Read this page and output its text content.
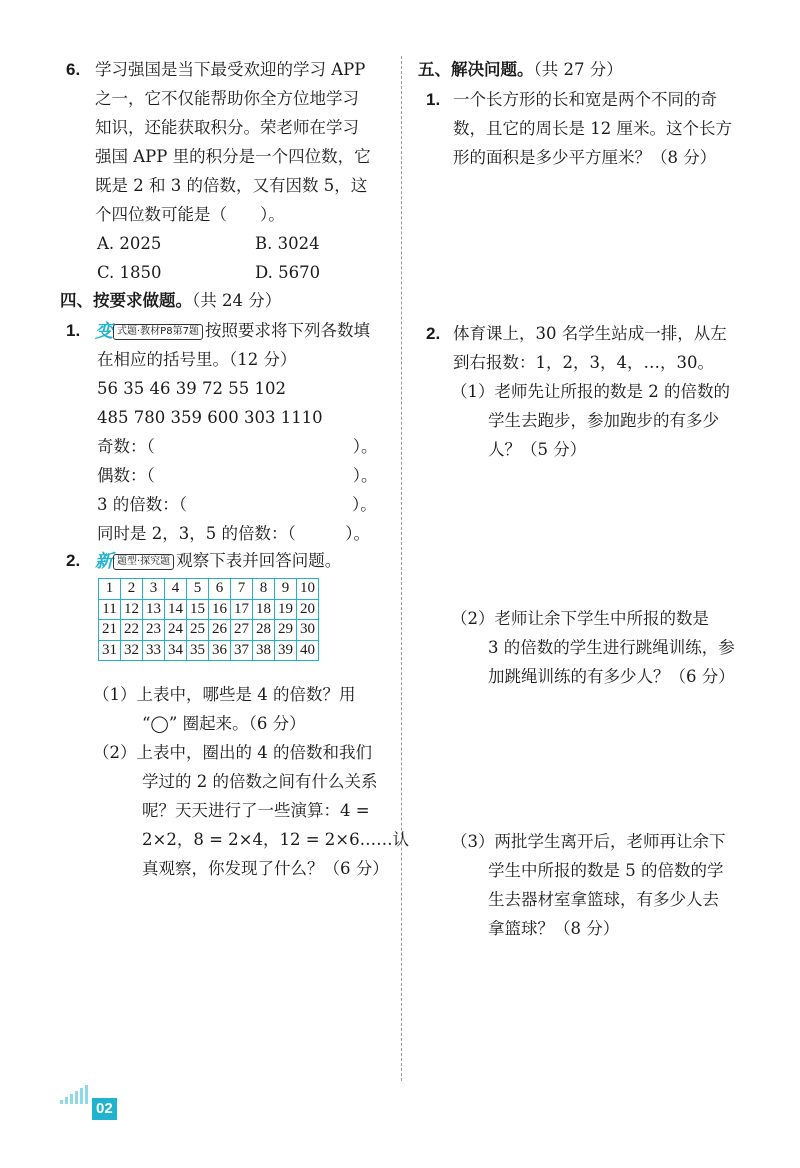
6. 学习强国是当下最受欢迎的学习 APP
之一，它不仅能帮助你全方位地学习
知识，还能获取积分。荣老师在学习
强国 APP 里的积分是一个四位数，它
既是 2 和 3 的倍数，又有因数 5，这
个四位数可能是（　　）。
A. 2025	B. 3024
C. 1850	D. 5670
四、按要求做题。（共 24 分）
1. 变 式题·教材P8第7题 按照要求将下列各数填
在相应的括号里。（12 分）
56 35 46 39 72 55 102
485 780 359 600 303 1110
奇数：（　　　　　　　　　　　　）。
偶数：（　　　　　　　　　　　　）。
3 的倍数：（　　　　　　　　　　）。
同时是 2，3，5 的倍数：（　　　）。
2. 新 题型·探究题 观察下表并回答问题。
1	2	3	4	5	6	7	8	9	10
11	12	13	14	15	16	17	18	19	20
21	22	23	24	25	26	27	28	29	30
31	32	33	34	35	36	37	38	39	40
（1）上表中，哪些是 4 的倍数？用
“◯” 圈起来。（6 分）
（2）上表中，圈出的 4 的倍数和我们
学过的 2 的倍数之间有什么关系
呢？天天进行了一些演算：4 =
2×2，8 = 2×4，12 = 2×6……认
真观察，你发现了什么？（6 分）
五、解决问题。（共 27 分）
1. 一个长方形的长和宽是两个不同的奇
数，且它的周长是 12 厘米。这个长方
形的面积是多少平方厘米？（8 分）
2. 体育课上，30 名学生站成一排，从左
到右报数：1，2，3，4，…，30。
（1）老师先让所报的数是 2 的倍数的
学生去跑步，参加跑步的有多少
人？（5 分）
（2）老师让余下学生中所报的数是
3 的倍数的学生进行跳绳训练，参
加跳绳训练的有多少人？（6 分）
（3）两批学生离开后，老师再让余下
学生中所报的数是 5 的倍数的学
生去器材室拿篮球，有多少人去
拿篮球？（8 分）
02
